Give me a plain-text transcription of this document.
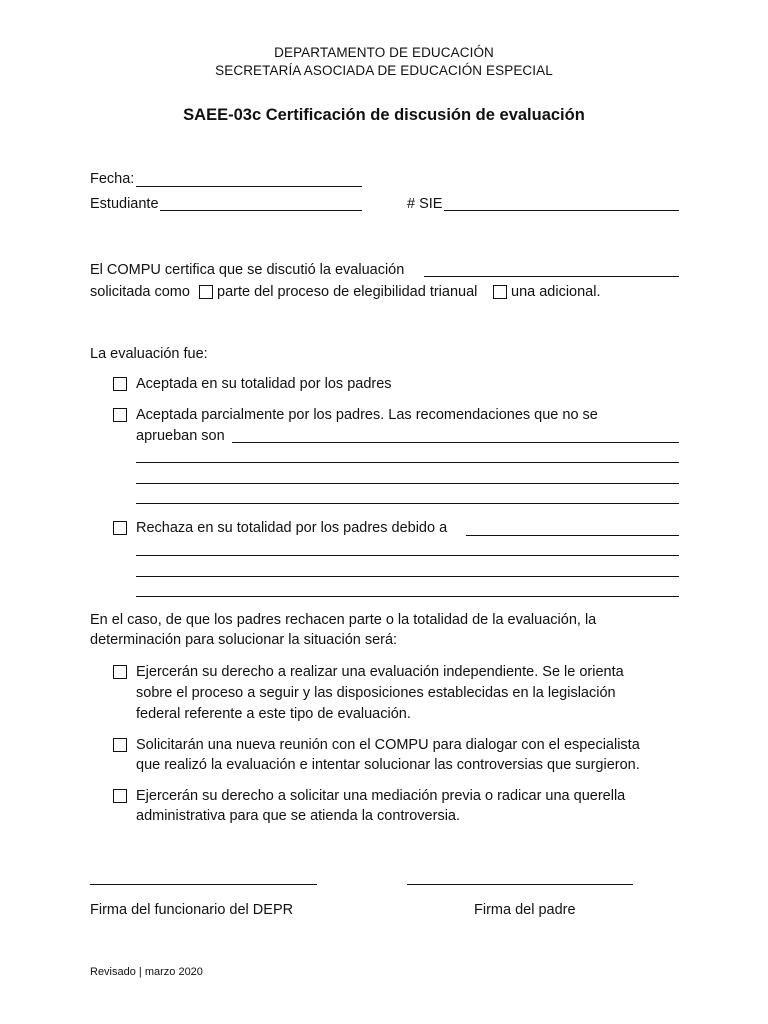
DEPARTAMENTO DE EDUCACIÓN
SECRETARÍA ASOCIADA DE EDUCACIÓN ESPECIAL
SAEE-03c Certificación de discusión de evaluación
Fecha:
Estudiante	# SIE
El COMPU certifica que se discutió la evaluación
solicitada como parte del proceso de elegibilidad trianual una adicional.
La evaluación fue:
Aceptada en su totalidad por los padres
Aceptada parcialmente por los padres. Las recomendaciones que no se
aprueban son
Rechaza en su totalidad por los padres debido a
En el caso, de que los padres rechacen parte o la totalidad de la evaluación, la
determinación para solucionar la situación será:
Ejercerán su derecho a realizar una evaluación independiente. Se le orienta
sobre el proceso a seguir y las disposiciones establecidas en la legislación
federal referente a este tipo de evaluación.
Solicitarán una nueva reunión con el COMPU para dialogar con el especialista
que realizó la evaluación e intentar solucionar las controversias que surgieron.
Ejercerán su derecho a solicitar una mediación previa o radicar una querella
administrativa para que se atienda la controversia.
Firma del funcionario del DEPR	Firma del padre
Revisado | marzo 2020
